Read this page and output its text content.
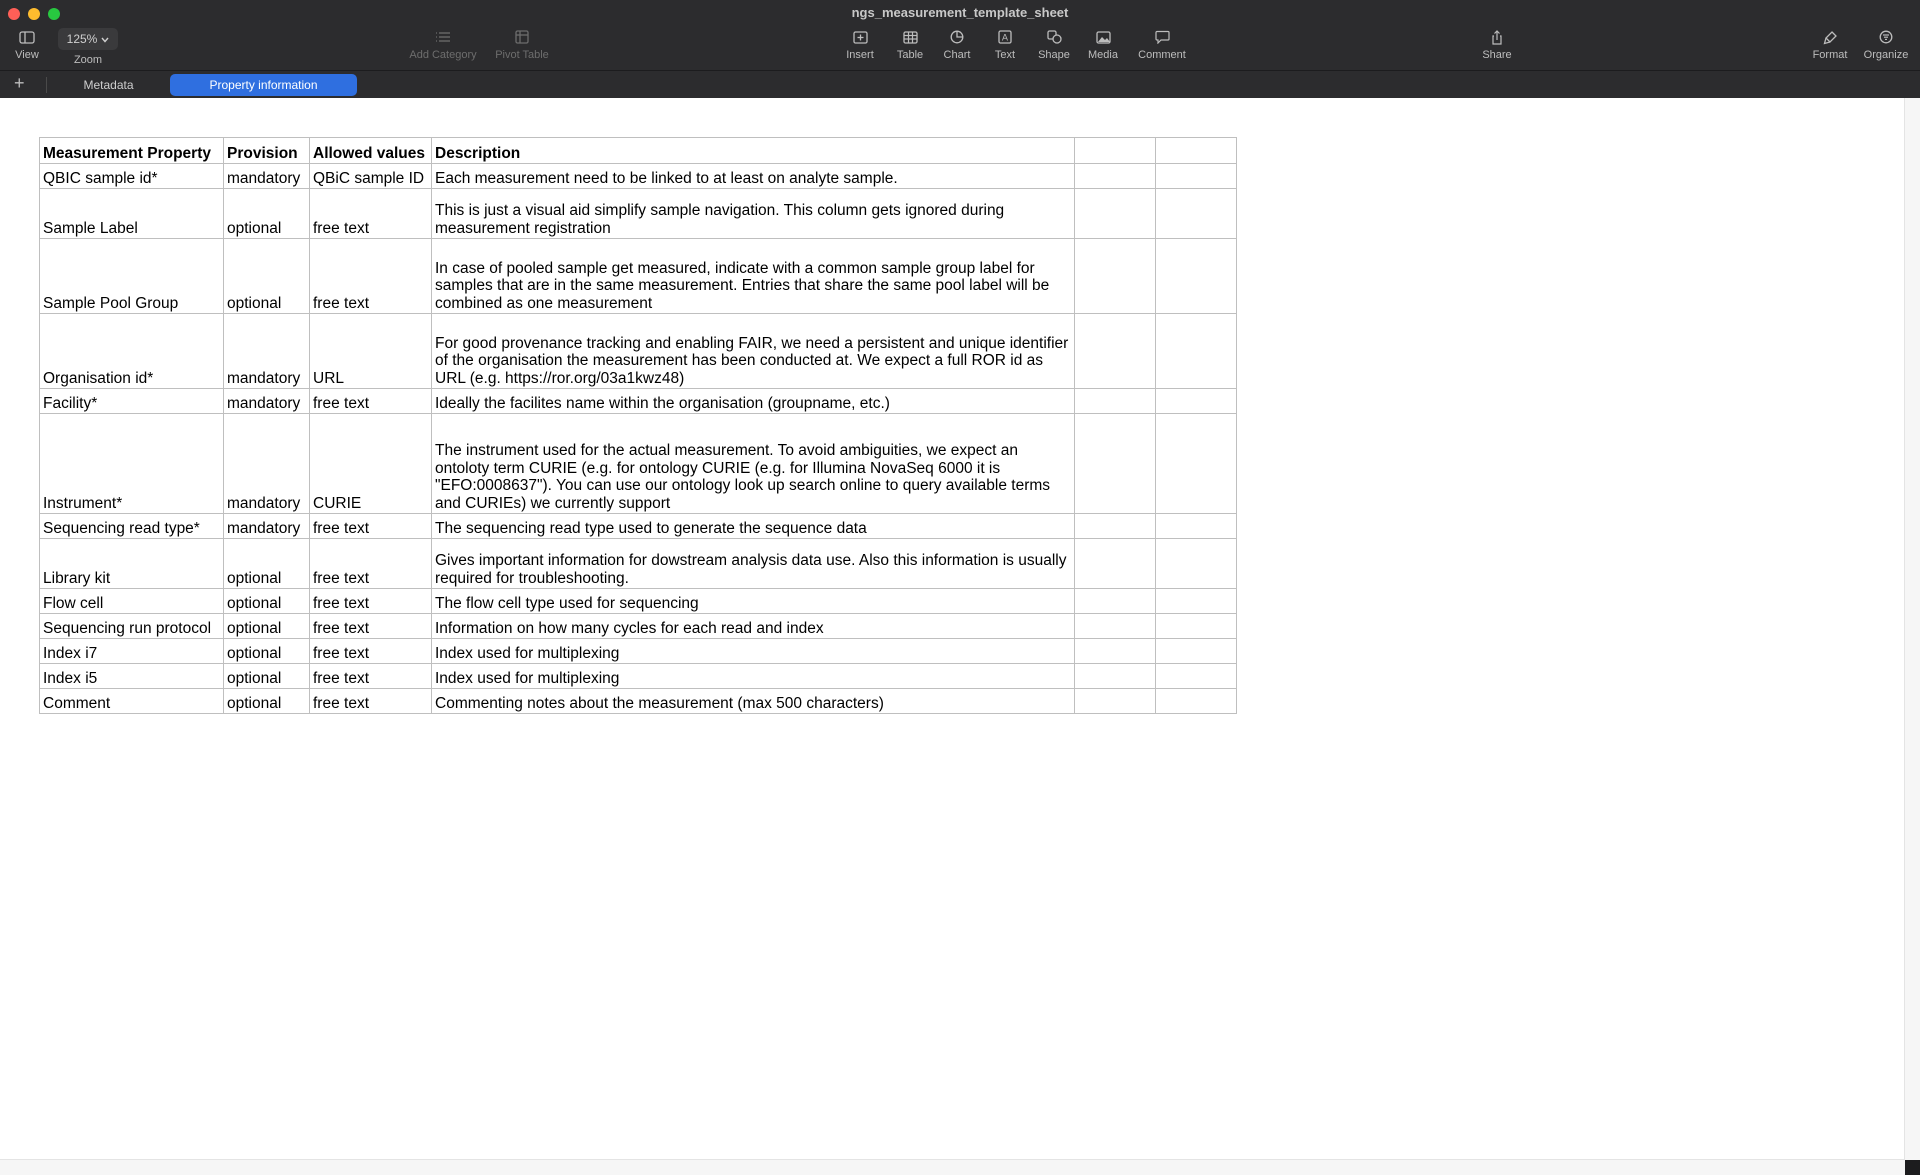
ngs_measurement_template_sheet
View
125%
Zoom	Add Category Pivot Table	Insert Table Chart
A
Text Shape Media Comment	Share	Format Organize
+	Metadata	Property information
Measurement Property	Provision	Allowed values	Description		
QBIC sample id*	mandatory	QBiC sample ID	Each measurement need to be linked to at least on analyte sample.		
Sample Label	optional	free text	This is just a visual aid simplify sample navigation. This column gets ignored during measurement registration		
Sample Pool Group	optional	free text	In case of pooled sample get measured, indicate with a common sample group label for samples that are in the same measurement. Entries that share the same pool label will be combined as one measurement		
Organisation id*	mandatory	URL	For good provenance tracking and enabling FAIR, we need a persistent and unique identifier of the organisation the measurement has been conducted at. We expect a full ROR id as URL (e.g. https://ror.org/03a1kwz48)		
Facility*	mandatory	free text	Ideally the facilites name within the organisation (groupname, etc.)		
Instrument*	mandatory	CURIE	The instrument used for the actual measurement. To avoid ambiguities, we expect an ontoloty term CURIE (e.g. for ontology CURIE (e.g. for Illumina NovaSeq 6000 it is "EFO:0008637"). You can use our ontology look up search online to query available terms and CURIEs) we currently support		
Sequencing read type*	mandatory	free text	The sequencing read type used to generate the sequence data		
Library kit	optional	free text	Gives important information for dowstream analysis data use. Also this information is usually required for troubleshooting.		
Flow cell	optional	free text	The flow cell type used for sequencing		
Sequencing run protocol	optional	free text	Information on how many cycles for each read and index		
Index i7	optional	free text	Index used for multiplexing		
Index i5	optional	free text	Index used for multiplexing		
Comment	optional	free text	Commenting notes about the measurement (max 500 characters)		
